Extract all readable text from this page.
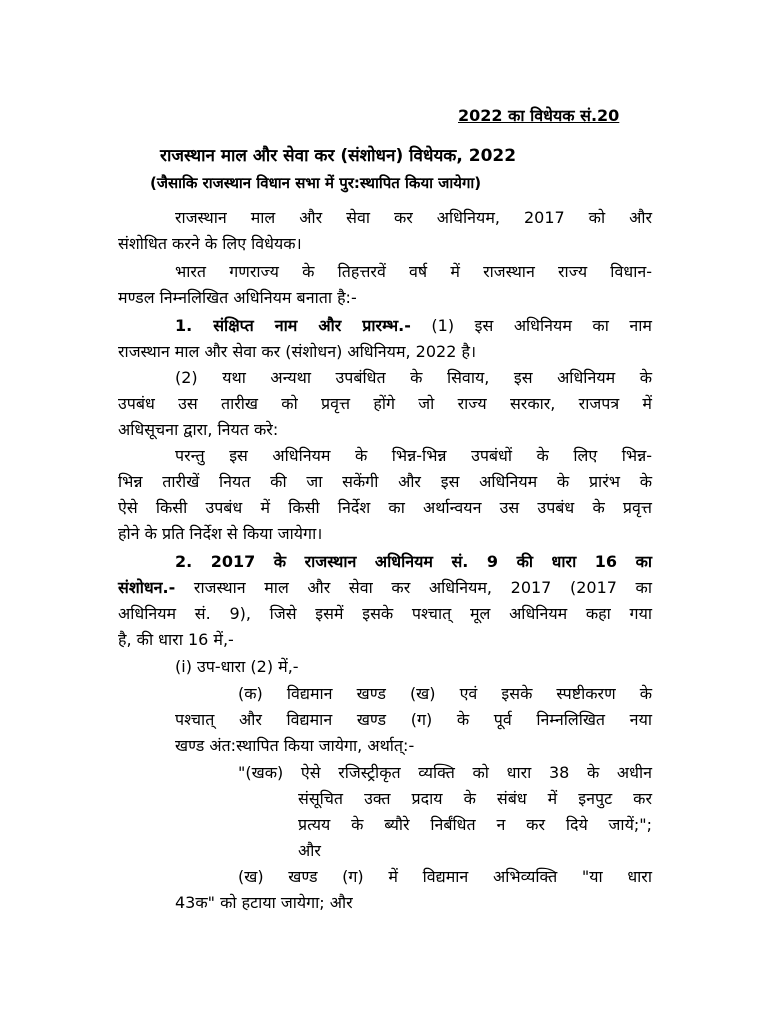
2022 का विधेयक सं.20
राजस्थान माल और सेवा कर (संशोधन) विधेयक, 2022
(जैसाकि राजस्थान विधान सभा में पुर:स्थापित किया जायेगा)
राजस्थान माल और सेवा कर अधिनियम, 2017 को और
संशोधित करने के लिए विधेयक।
भारत गणराज्य के तिहत्तरवें वर्ष में राजस्थान राज्य विधान-
मण्डल निम्नलिखित अधिनियम बनाता है:-
1. संक्षिप्त नाम और प्रारम्भ.- (1) इस अधिनियम का नाम
राजस्थान माल और सेवा कर (संशोधन) अधिनियम, 2022 है।
(2) यथा अन्यथा उपबंधित के सिवाय, इस अधिनियम के
उपबंध उस तारीख को प्रवृत्त होंगे जो राज्य सरकार, राजपत्र में
अधिसूचना द्वारा, नियत करे:
परन्तु इस अधिनियम के भिन्न-भिन्न उपबंधों के लिए भिन्न-
भिन्न तारीखें नियत की जा सकेंगी और इस अधिनियम के प्रारंभ के
ऐसे किसी उपबंध में किसी निर्देश का अर्थान्वयन उस उपबंध के प्रवृत्त
होने के प्रति निर्देश से किया जायेगा।
2. 2017 के राजस्थान अधिनियम सं. 9 की धारा 16 का
संशोधन.- राजस्थान माल और सेवा कर अधिनियम, 2017 (2017 का
अधिनियम सं. 9), जिसे इसमें इसके पश्चात् मूल अधिनियम कहा गया
है, की धारा 16 में,-
(i) उप-धारा (2) में,-
(क) विद्यमान खण्ड (ख) एवं इसके स्पष्टीकरण के
पश्चात् और विद्यमान खण्ड (ग) के पूर्व निम्नलिखित नया
खण्ड अंत:स्थापित किया जायेगा, अर्थात्:-
"(खक) ऐसे रजिस्ट्रीकृत व्यक्ति को धारा 38 के अधीन
संसूचित उक्त प्रदाय के संबंध में इनपुट कर
प्रत्यय के ब्यौरे निर्बंधित न कर दिये जायें;";
और
(ख) खण्ड (ग) में विद्यमान अभिव्यक्ति "या धारा
43क" को हटाया जायेगा; और
